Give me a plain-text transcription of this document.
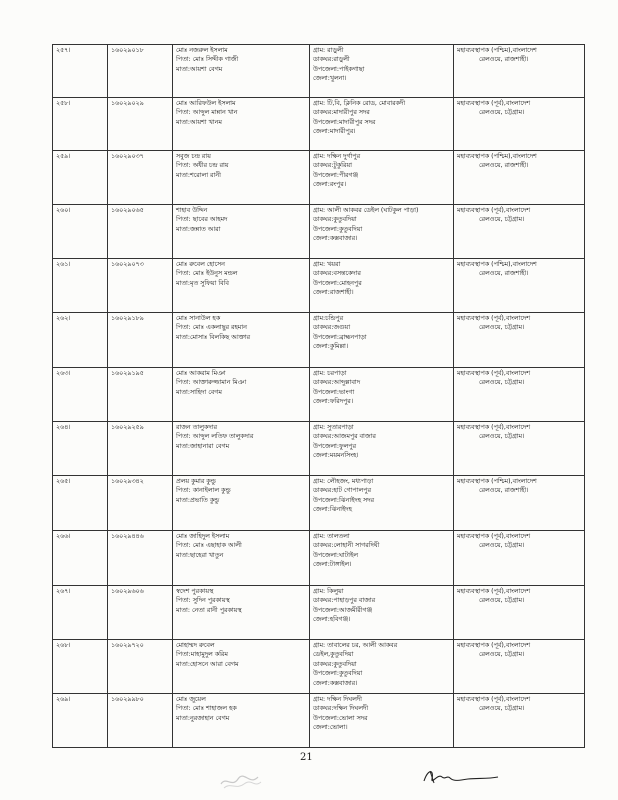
২৫৭।	১৬০২৯০১৮	মোঃ নজরুল ইসলাম
পিতা: মোঃ সিদ্দীক গাজী
মাতা:আয়শা বেগম	গ্রাম: রাড়ুলী
ডাকঘর:রাড়ুলী
উপজেলা:পাইকগাছা
জেলা:খুলনা।	মহাব্যবস্থাপক (পশ্চিম),বাংলাদেশ
রেলওয়ে, রাজশাহী।

২৫৮।	১৬০২৯০২৯	মোঃ আরিফউল ইসলাম
পিতা: আব্দুল মান্নান খান
মাতা:আয়শা খানম	গ্রাম: টি,বি, ক্লিনিক রোড, মোবারকদী
ডাকঘর:মাদারীপুর সদর
উপজেলা:মাদারীপুর সদর
জেলা:মাদারীপুর।	মহাব্যবস্থাপক (পূর্ব),বাংলাদেশ
রেলওয়ে, চট্টগ্রাম।

২৫৯।	১৬০২৯০৩৭	সবুজ চন্দ্র রায়
পিতা: অধীর চন্দ্র রায়
মাতা:শরোলা রানী	গ্রাম: দক্ষিন দুর্গাপুর
ডাকঘর:টুকুরিয়া
উপজেলা:পীরগঞ্জ
জেলা:রংপুর।	মহাব্যবস্থাপক (পশ্চিম),বাংলাদেশ
রেলওয়ে, রাজশাহী।

২৬০।	১৬০২৯০৬৫	শাহাব উদ্দিন
পিতা: ছাবের আহমদ
মাতা:জন্নাত আরা	গ্রাম: আলী আকবর ডেইল (ঘাটকুল পাড়া)
ডাকঘর:কুতুবদিয়া
উপজেলা:কুতুবদিয়া
জেলা:কক্সবাজার।	মহাব্যবস্থাপক (পূর্ব),বাংলাদেশ
রেলওয়ে, চট্টগ্রাম।

২৬১।	১৬০২৯০৭৩	মোঃ রুবেল হোসেন
পিতা: মোঃ ইউনুস মন্ডল
মাতা:মৃত সুফিয়া বিবি	গ্রাম: খয়রা
ডাকঘর:বসন্তকেদার
উপজেলা:মোহনপুর
জেলা:রাজশাহী।	মহাব্যবস্থাপক (পশ্চিম),বাংলাদেশ
রেলওয়ে, রাজশাহী।

২৬২।	১৬০২৯১৮৯	মোঃ সানাউল হক
পিতা: মোঃ একলাছুর রহমান
মাতা:মোসাঃ বিলকিছ আক্তার	গ্রাম:চন্ডিপুর
ডাকঘর:জগুয়া
উপজেলা:ব্রাহ্মনপাড়া
জেলা:কুমিল্লা।	মহাব্যবস্থাপক (পূর্ব),বাংলাদেশ
রেলওয়ে, চট্টগ্রাম।

২৬৩।	১৬০২৯১৯৫	মোঃ আকরাম মিঞা
পিতা: আক্তারুজ্জামান মিঞা
মাতা:সাহিদা বেগম	গ্রাম: চরপাড়া
ডাকঘর:আব্দুল্লাবাদ
উপজেলা:ভাংগা
জেলা:ফরিদপুর।	মহাব্যবস্থাপক (পূর্ব),বাংলাদেশ
রেলওয়ে, চট্টগ্রাম।

২৬৪।	১৬০২৯২৫৯	রাজন তালুকদার
পিতা: আব্দুল লতিফ তালুকদার
মাতা:জাহানারা বেগম	গ্রাম: সুতারপাড়া
ডাকঘর:আজমপুর বাজার
উপজেলা:ফুলপুর
জেলা:ময়মনসিংহ।	মহাব্যবস্থাপক (পূর্ব),বাংলাদেশ
রেলওয়ে, চট্টগ্রাম।

২৬৫।	১৬০২৯৩৪২	প্রলয় কুমার কুন্ডু
পিতা: কানাইলাল কুন্ডু
মাতা:প্রভাতি কুন্ডু	গ্রাম: লৌহজং, মধ্যপাড়া
ডাকঘর:হাট গোপালপুর
উপজেলা:ঝিনাইদহ সদর
জেলা:ঝিনাইদহ	মহাব্যবস্থাপক (পশ্চিম),বাংলাদেশ
রেলওয়ে, রাজশাহী।

২৬৬।	১৬০২৯৪৪৬	মোঃ জাহিদুল ইসলাম
পিতা: মোঃ এছাহাক আলী
মাতা:ছাহেরা খাতুন	গ্রাম: তালতলা
ডাকঘর:লোহানী সাগরদিঘী
উপজেলা:ঘাটাইল
জেলা:টাঙ্গাইল।	মহাব্যবস্থাপক (পূর্ব),বাংলাদেশ
রেলওয়ে, চট্টগ্রাম।

২৬৭।	১৬০২৯৬০৬	স্বদেশ পুরকায়স্থ
পিতা: সুদিন পুরকায়স্থ
মাতা: নেতা রানী পুরকায়স্থ	গ্রাম: কিলুয়া
ডাকঘর:পাহাড়পুর বাজার
উপজেলা:আজমীরীগঞ্জ
জেলা:হবিগঞ্জ।	মহাব্যবস্থাপক (পূর্ব),বাংলাদেশ
রেলওয়ে, চট্টগ্রাম।

২৬৮।	১৬০২৯৭২০	মোহাম্মদ রুবেল
পিতা:মাহামুদুল করিম
মাতা:হোসনে আরা বেগম	গ্রাম: তাবালের চর, আলী আকবর
ডেইল,কুতুবদিয়া
ডাকঘর:কুতুবদিয়া
উপজেলা:কুতুবদিয়া
জেলা:কক্সবাজার।	মহাব্যবস্থাপক (পূর্ব),বাংলাদেশ
রেলওয়ে, চট্টগ্রাম।

২৬৯।	১৬০২৯৯৮০	মোঃ জুয়েল
পিতা: মোঃ শাহাজল হক
মাতা:নুরজাহান বেগম	গ্রাম: দক্ষিন দিঘলদী
ডাকঘর:দক্ষিন দিঘলদী
উপজেলা:ভোলা সদর
জেলা:ভোলা।	মহাব্যবস্থাপক (পূর্ব),বাংলাদেশ
রেলওয়ে, চট্টগ্রাম।
21
